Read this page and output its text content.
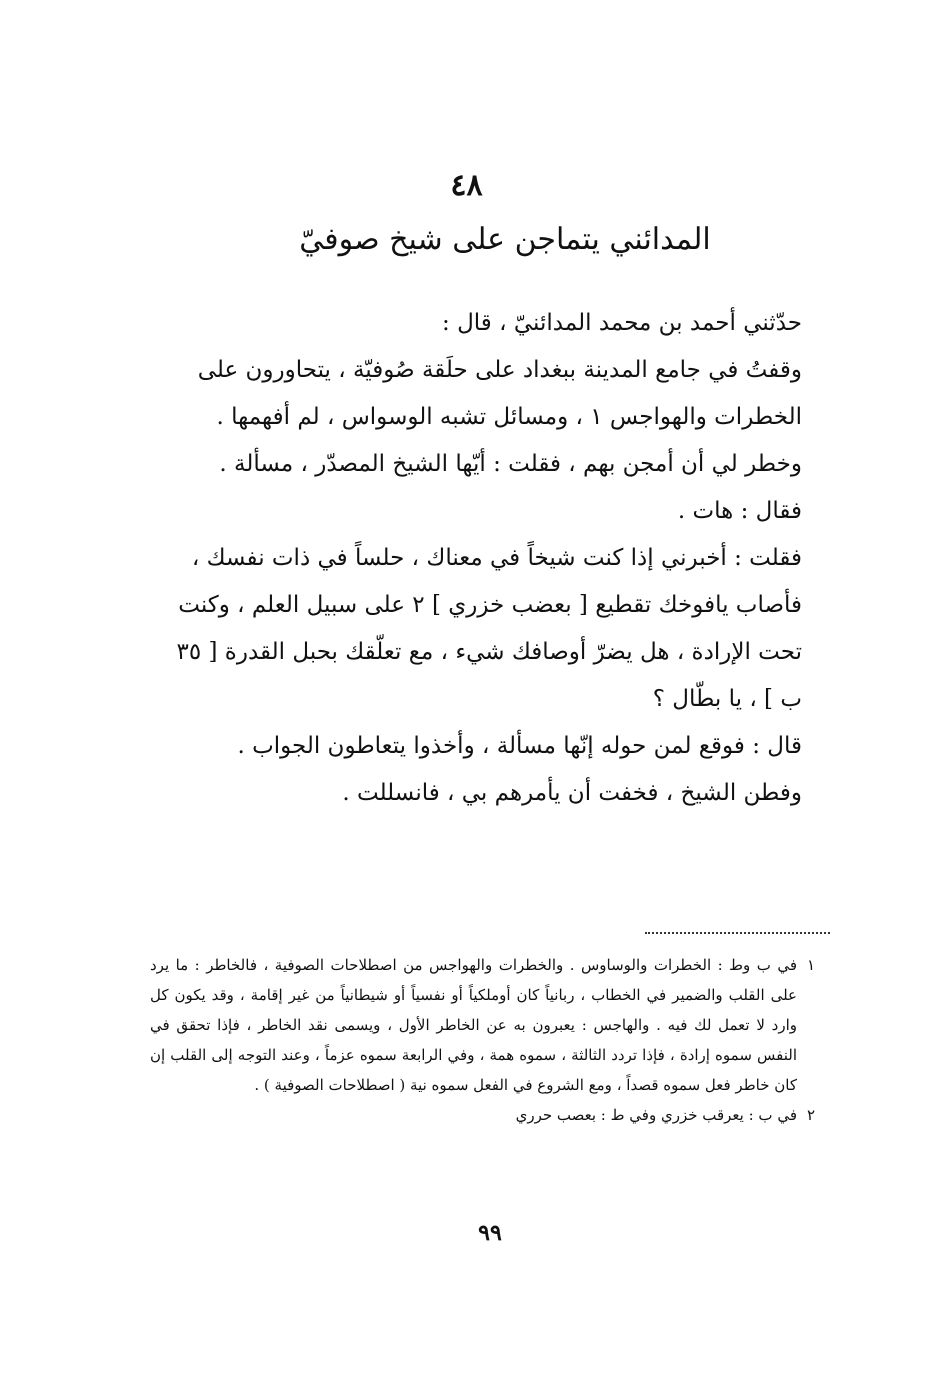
٤٨
المدائني يتماجن على شيخ صوفيّ

حدّثني أحمد بن محمد المدائنيّ ، قال :

وقفتُ في جامع المدينة ببغداد على حلَقة صُوفيّة ، يتحاورون على الخطرات والهواجس ١ ، ومسائل تشبه الوسواس ، لم أفهمها .

وخطر لي أن أمجن بهم ، فقلت : أيّها الشيخ المصدّر ، مسألة .

فقال : هات .

فقلت : أخبرني إذا كنت شيخاً في معناك ، حلساً في ذات نفسك ، فأصاب يافوخك تقطيع [ بعضب خزري ] ٢ على سبيل العلم ، وكنت تحت الإرادة ، هل يضرّ أوصافك شيء ، مع تعلّقك بحبل القدرة [ ٣٥ ب ] ، يا بطّال ؟

قال : فوقع لمن حوله إنّها مسألة ، وأخذوا يتعاطون الجواب .

وفطن الشيخ ، فخفت أن يأمرهم بي ، فانسللت .

١
في ب وط : الخطرات والوساوس . والخطرات والهواجس من اصطلاحات الصوفية ، فالخاطر : ما يرد على القلب والضمير في الخطاب ، ربانياً كان أوملكياً أو نفسياً أو شيطانياً من غير إقامة ، وقد يكون كل وارد لا تعمل لك فيه . والهاجس : يعبرون به عن الخاطر الأول ، ويسمى نقد الخاطر ، فإذا تحقق في النفس سموه إرادة ، فإذا تردد الثالثة ، سموه همة ، وفي الرابعة سموه عزماً ، وعند التوجه إلى القلب إن كان خاطر فعل سموه قصداً ، ومع الشروع في الفعل سموه نية ( اصطلاحات الصوفية ) .

٢
في ب : يعرقب خزري وفي ط : بعصب حرري

٩٩
